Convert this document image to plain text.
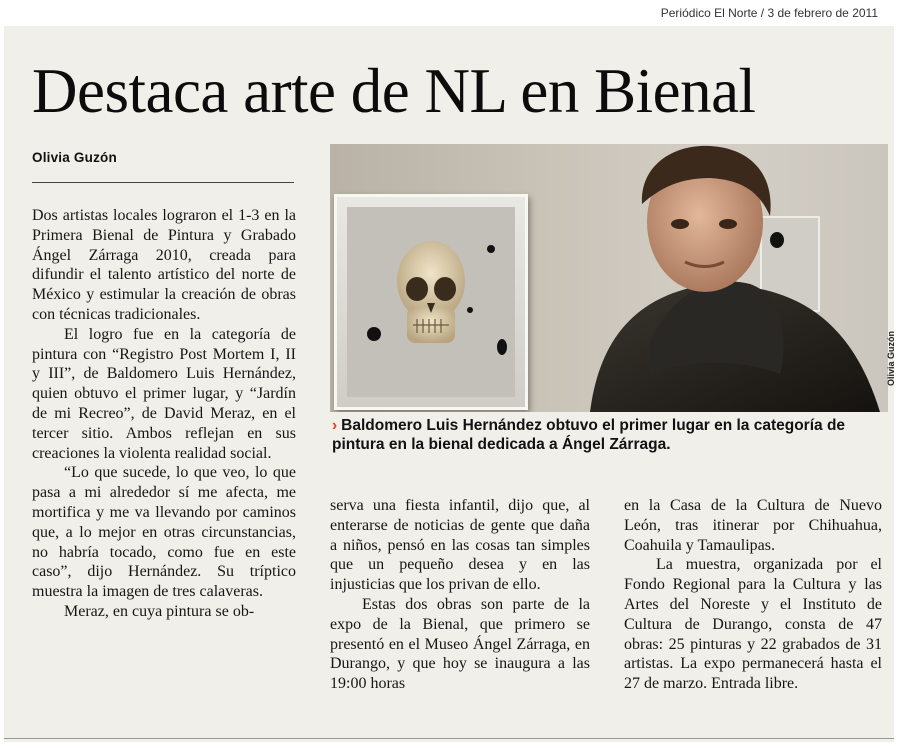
Periódico El Norte / 3 de febrero de 2011

Destaca arte de NL en Bienal
Olivia Guzón

Dos artistas locales lograron el 1-3 en la Primera Bienal de Pintura y Grabado Ángel Zárraga 2010, creada para difundir el talento artístico del norte de México y estimular la creación de obras con técnicas tradicionales.

El logro fue en la categoría de pintura con “Registro Post Mortem I, II y III”, de Baldomero Luis Hernández, quien obtuvo el primer lugar, y “Jardín de mi Recreo”, de David Meraz, en el tercer sitio. Ambos reflejan en sus creaciones la violenta realidad social.

“Lo que sucede, lo que veo, lo que pasa a mi alrededor sí me afecta, me mortifica y me va llevando por caminos que, a lo mejor en otras circunstancias, no habría tocado, como fue en este caso”, dijo Hernández. Su tríptico muestra la imagen de tres calaveras.

Meraz, en cuya pintura se ob-

› Baldomero Luis Hernández obtuvo el primer lugar en la categoría de pintura en la bienal dedicada a Ángel Zárraga.

serva una fiesta infantil, dijo que, al enterarse de noticias de gente que daña a niños, pensó en las cosas tan simples que un pequeño desea y en las injusticias que los privan de ello.

Estas dos obras son parte de la expo de la Bienal, que primero se presentó en el Museo Ángel Zárraga, en Durango, y que hoy se inaugura a las 19:00 horas

en la Casa de la Cultura de Nuevo León, tras itinerar por Chihuahua, Coahuila y Tamaulipas.

La muestra, organizada por el Fondo Regional para la Cultura y las Artes del Noreste y el Instituto de Cultura de Durango, consta de 47 obras: 25 pinturas y 22 grabados de 31 artistas. La expo permanecerá hasta el 27 de marzo. Entrada libre.

Olivia Guzón
